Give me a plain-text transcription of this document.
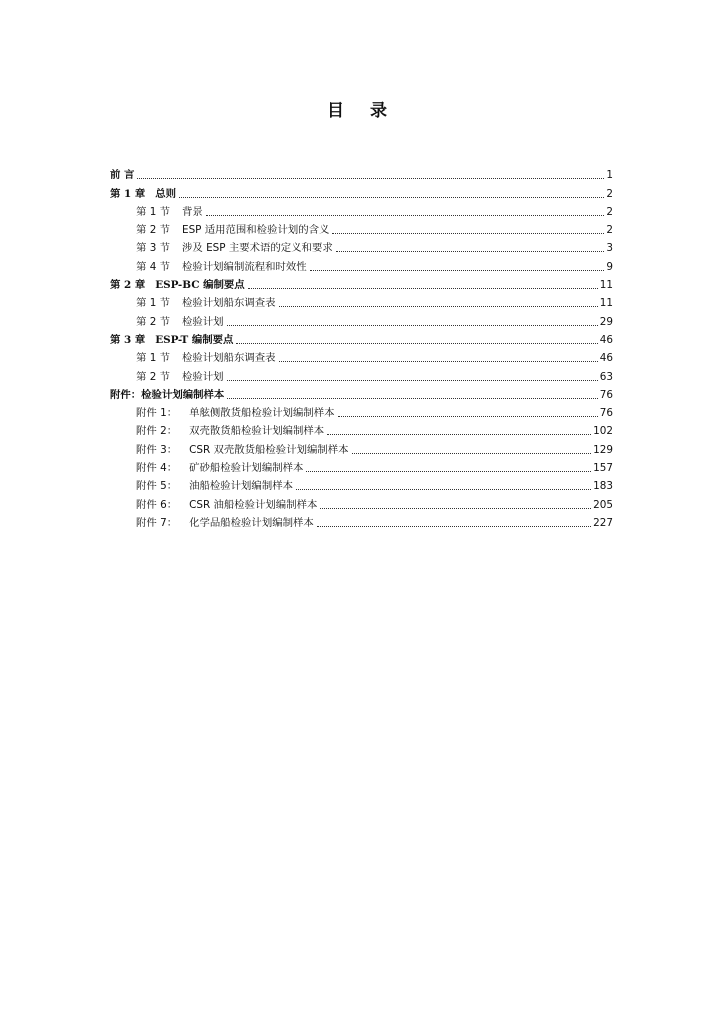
目 录
前 言	1
第 1 章 总则	2
第 1 节 背景	2
第 2 节 ESP 适用范围和检验计划的含义	2
第 3 节 涉及 ESP 主要术语的定义和要求	3
第 4 节 检验计划编制流程和时效性	9
第 2 章 ESP-BC 编制要点	11
第 1 节 检验计划船东调查表	11
第 2 节 检验计划	29
第 3 章 ESP-T 编制要点	46
第 1 节 检验计划船东调查表	46
第 2 节 检验计划	63
附件：检验计划编制样本	76
附件 1： 单舷侧散货船检验计划编制样本	76
附件 2： 双壳散货船检验计划编制样本	102
附件 3： CSR 双壳散货船检验计划编制样本	129
附件 4： 矿砂船检验计划编制样本	157
附件 5： 油船检验计划编制样本	183
附件 6： CSR 油船检验计划编制样本	205
附件 7： 化学品船检验计划编制样本	227
